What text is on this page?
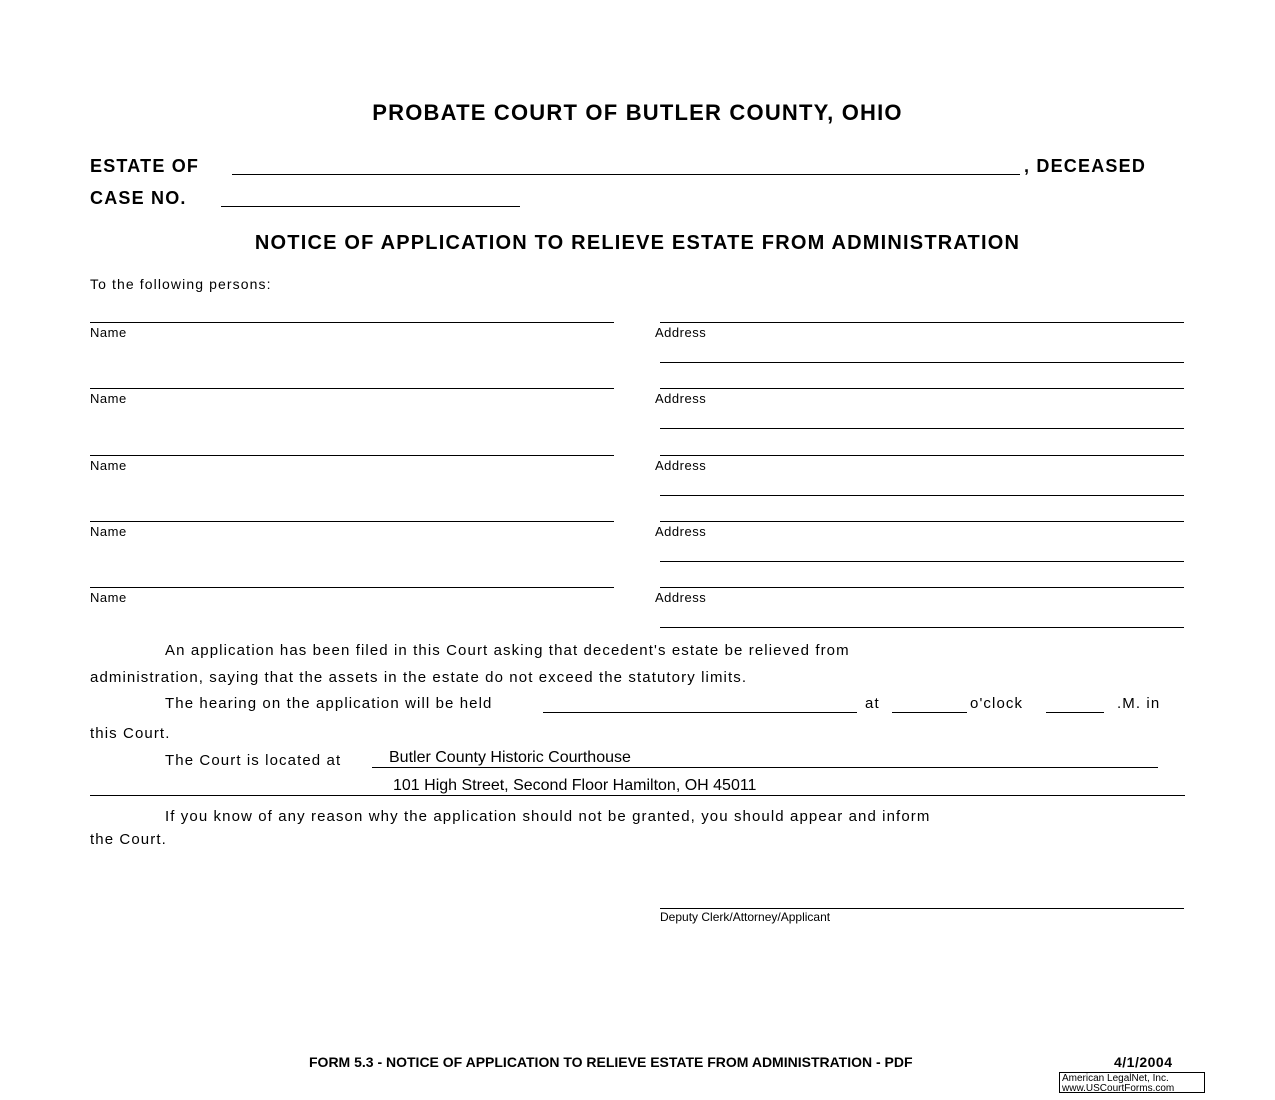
PROBATE COURT OF BUTLER COUNTY, OHIO
ESTATE OF	, DECEASED
CASE NO.
NOTICE OF APPLICATION TO RELIEVE ESTATE FROM ADMINISTRATION
To the following persons:
Name	Address
Name	Address
Name	Address
Name	Address
Name	Address
An application has been filed in this Court asking that decedent's estate be relieved from
administration, saying that the assets in the estate do not exceed the statutory limits.
The hearing on the application will be held	at	o'clock	.M. in
this Court.
The Court is located at	Butler County Historic Courthouse
101 High Street, Second Floor Hamilton, OH 45011
If you know of any reason why the application should not be granted, you should appear and inform
the Court.
Deputy Clerk/Attorney/Applicant
FORM 5.3 - NOTICE OF APPLICATION TO RELIEVE ESTATE FROM ADMINISTRATION - PDF	4/1/2004
American LegalNet, Inc.
www.USCourtForms.com
